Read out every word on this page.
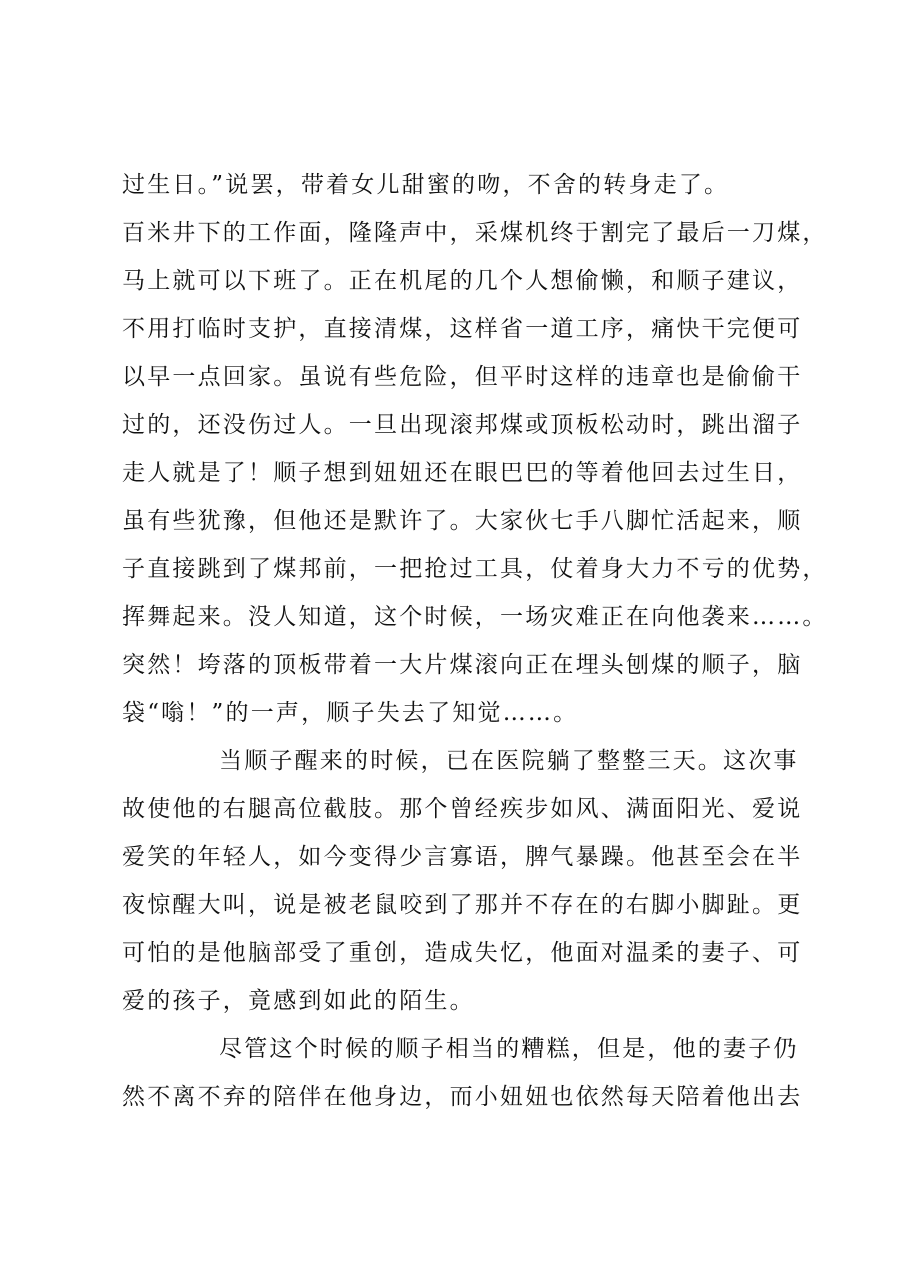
过生日。”说罢，带着女儿甜蜜的吻，不舍的转身走了。
百米井下的工作面，隆隆声中，采煤机终于割完了最后一刀煤，
马上就可以下班了。正在机尾的几个人想偷懒，和顺子建议，
不用打临时支护，直接清煤，这样省一道工序，痛快干完便可
以早一点回家。虽说有些危险，但平时这样的违章也是偷偷干
过的，还没伤过人。一旦出现滚邦煤或顶板松动时，跳出溜子
走人就是了！顺子想到妞妞还在眼巴巴的等着他回去过生日，
虽有些犹豫，但他还是默许了。大家伙七手八脚忙活起来，顺
子直接跳到了煤邦前，一把抢过工具，仗着身大力不亏的优势，
挥舞起来。没人知道，这个时候，一场灾难正在向他袭来……。
突然！垮落的顶板带着一大片煤滚向正在埋头刨煤的顺子，脑
袋“嗡！”的一声，顺子失去了知觉……。
当顺子醒来的时候，已在医院躺了整整三天。这次事
故使他的右腿高位截肢。那个曾经疾步如风、满面阳光、爱说
爱笑的年轻人，如今变得少言寡语，脾气暴躁。他甚至会在半
夜惊醒大叫，说是被老鼠咬到了那并不存在的右脚小脚趾。更
可怕的是他脑部受了重创，造成失忆，他面对温柔的妻子、可
爱的孩子，竟感到如此的陌生。
尽管这个时候的顺子相当的糟糕，但是，他的妻子仍
然不离不弃的陪伴在他身边，而小妞妞也依然每天陪着他出去
